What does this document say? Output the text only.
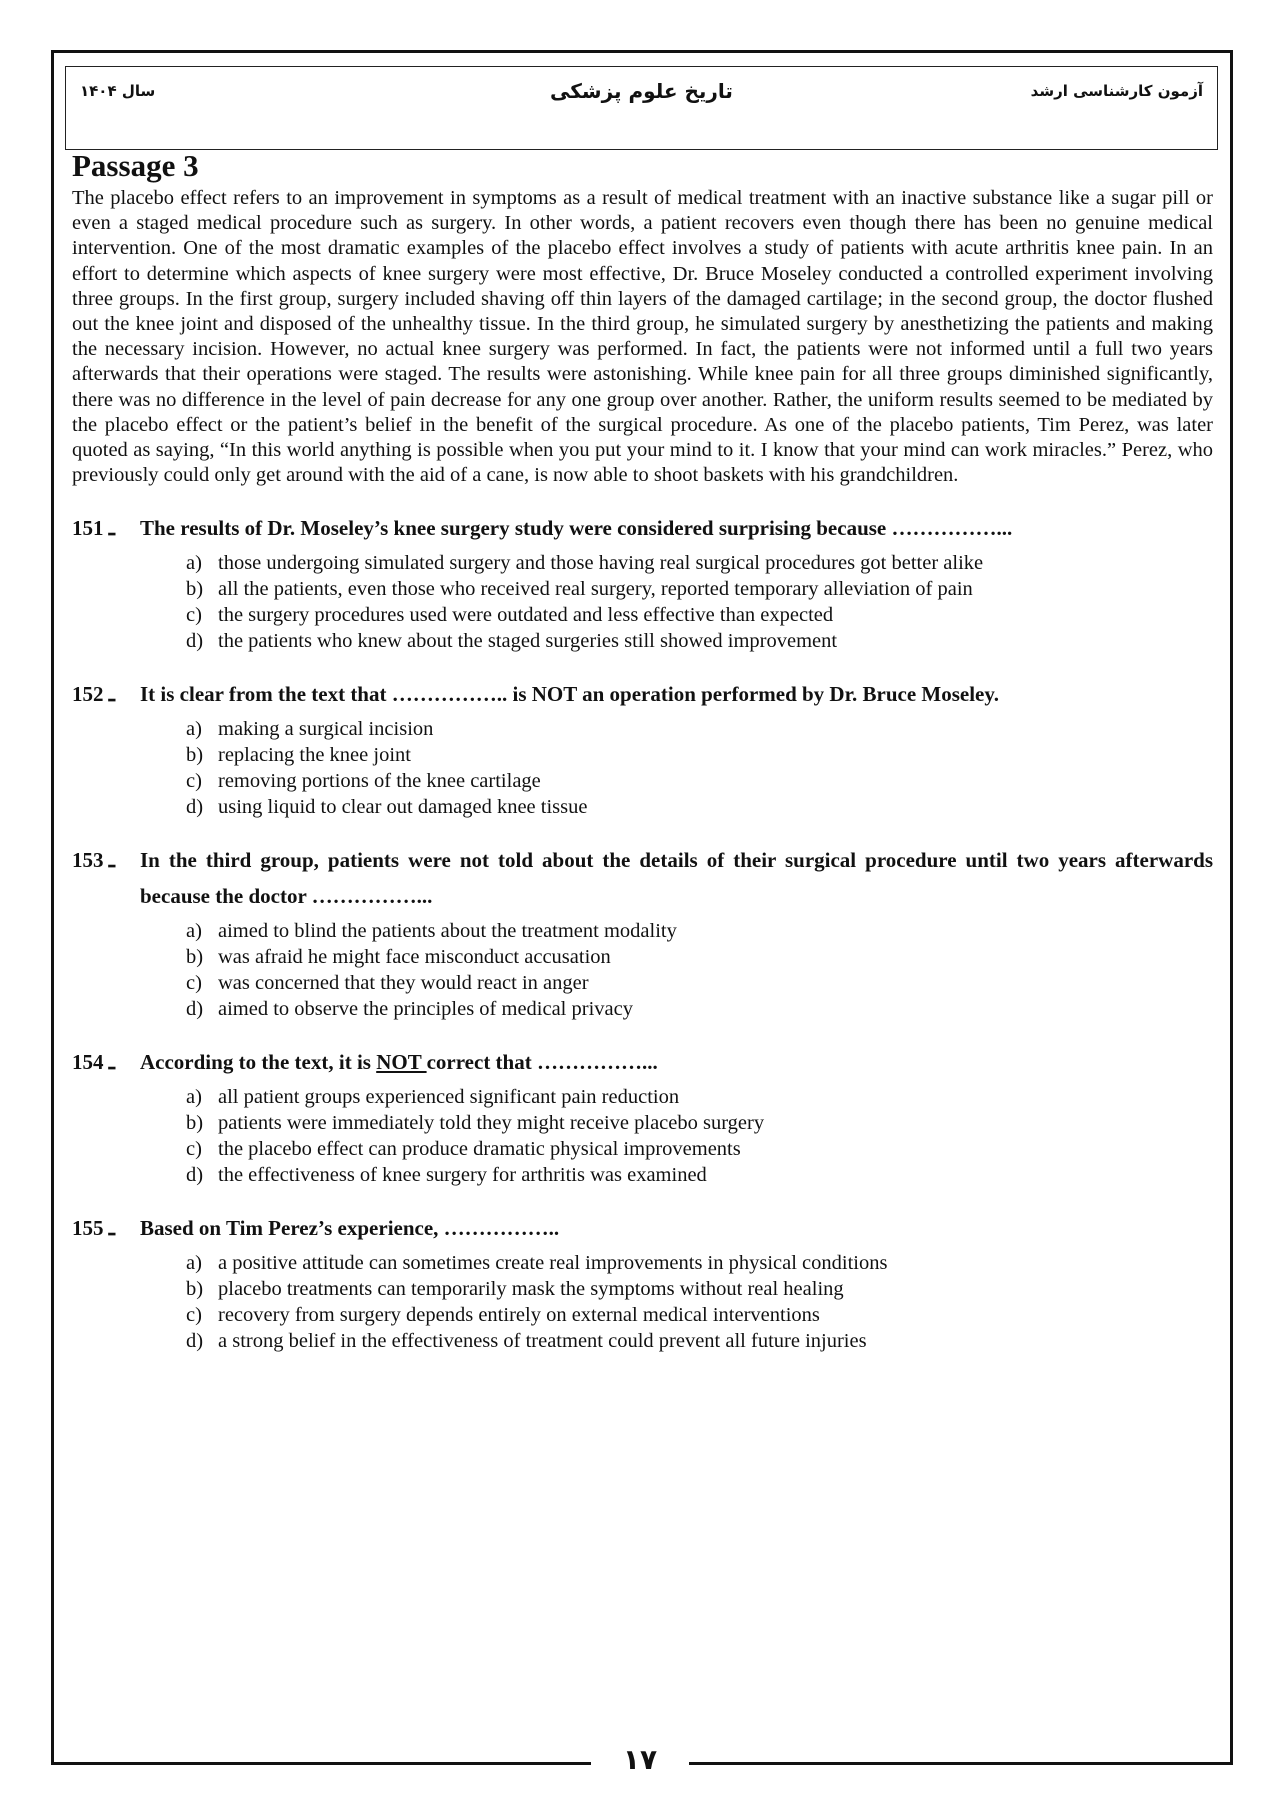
تاریخ علوم پزشکی
سال ۱۴۰۴	آزمون کارشناسی ارشد
Passage 3

The placebo effect refers to an improvement in symptoms as a result of medical treatment with an inactive substance like a sugar pill or even a staged medical procedure such as surgery. In other words, a patient recovers even though there has been no genuine medical intervention. One of the most dramatic examples of the placebo effect involves a study of patients with acute arthritis knee pain. In an effort to determine which aspects of knee surgery were most effective, Dr. Bruce Moseley conducted a controlled experiment involving three groups. In the first group, surgery included shaving off thin layers of the damaged cartilage; in the second group, the doctor flushed out the knee joint and disposed of the unhealthy tissue. In the third group, he simulated surgery by anesthetizing the patients and making the necessary incision. However, no actual knee surgery was performed. In fact, the patients were not informed until a full two years afterwards that their operations were staged. The results were astonishing. While knee pain for all three groups diminished significantly, there was no difference in the level of pain decrease for any one group over another. Rather, the uniform results seemed to be mediated by the placebo effect or the patient’s belief in the benefit of the surgical procedure. As one of the placebo patients, Tim Perez, was later quoted as saying, “In this world anything is possible when you put your mind to it. I know that your mind can work miracles.” Perez, who previously could only get around with the aid of a cane, is now able to shoot baskets with his grandchildren.

151 ـ	The results of Dr. Moseley’s knee surgery study were considered surprising because ……………...
a) those undergoing simulated surgery and those having real surgical procedures got better alike
b) all the patients, even those who received real surgery, reported temporary alleviation of pain
c) the surgery procedures used were outdated and less effective than expected
d) the patients who knew about the staged surgeries still showed improvement
152 ـ	It is clear from the text that …………….. is NOT an operation performed by Dr. Bruce Moseley.
a) making a surgical incision
b) replacing the knee joint
c) removing portions of the knee cartilage
d) using liquid to clear out damaged knee tissue
153 ـ	In the third group, patients were not told about the details of their surgical procedure until two years afterwards because the doctor ……………...
a) aimed to blind the patients about the treatment modality
b) was afraid he might face misconduct accusation
c) was concerned that they would react in anger
d) aimed to observe the principles of medical privacy
154 ـ	According to the text, it is NOT correct that ……………...
a) all patient groups experienced significant pain reduction
b) patients were immediately told they might receive placebo surgery
c) the placebo effect can produce dramatic physical improvements
d) the effectiveness of knee surgery for arthritis was examined
155 ـ	Based on Tim Perez’s experience, ……………..
a) a positive attitude can sometimes create real improvements in physical conditions
b) placebo treatments can temporarily mask the symptoms without real healing
c) recovery from surgery depends entirely on external medical interventions
d) a strong belief in the effectiveness of treatment could prevent all future injuries
۱۷
